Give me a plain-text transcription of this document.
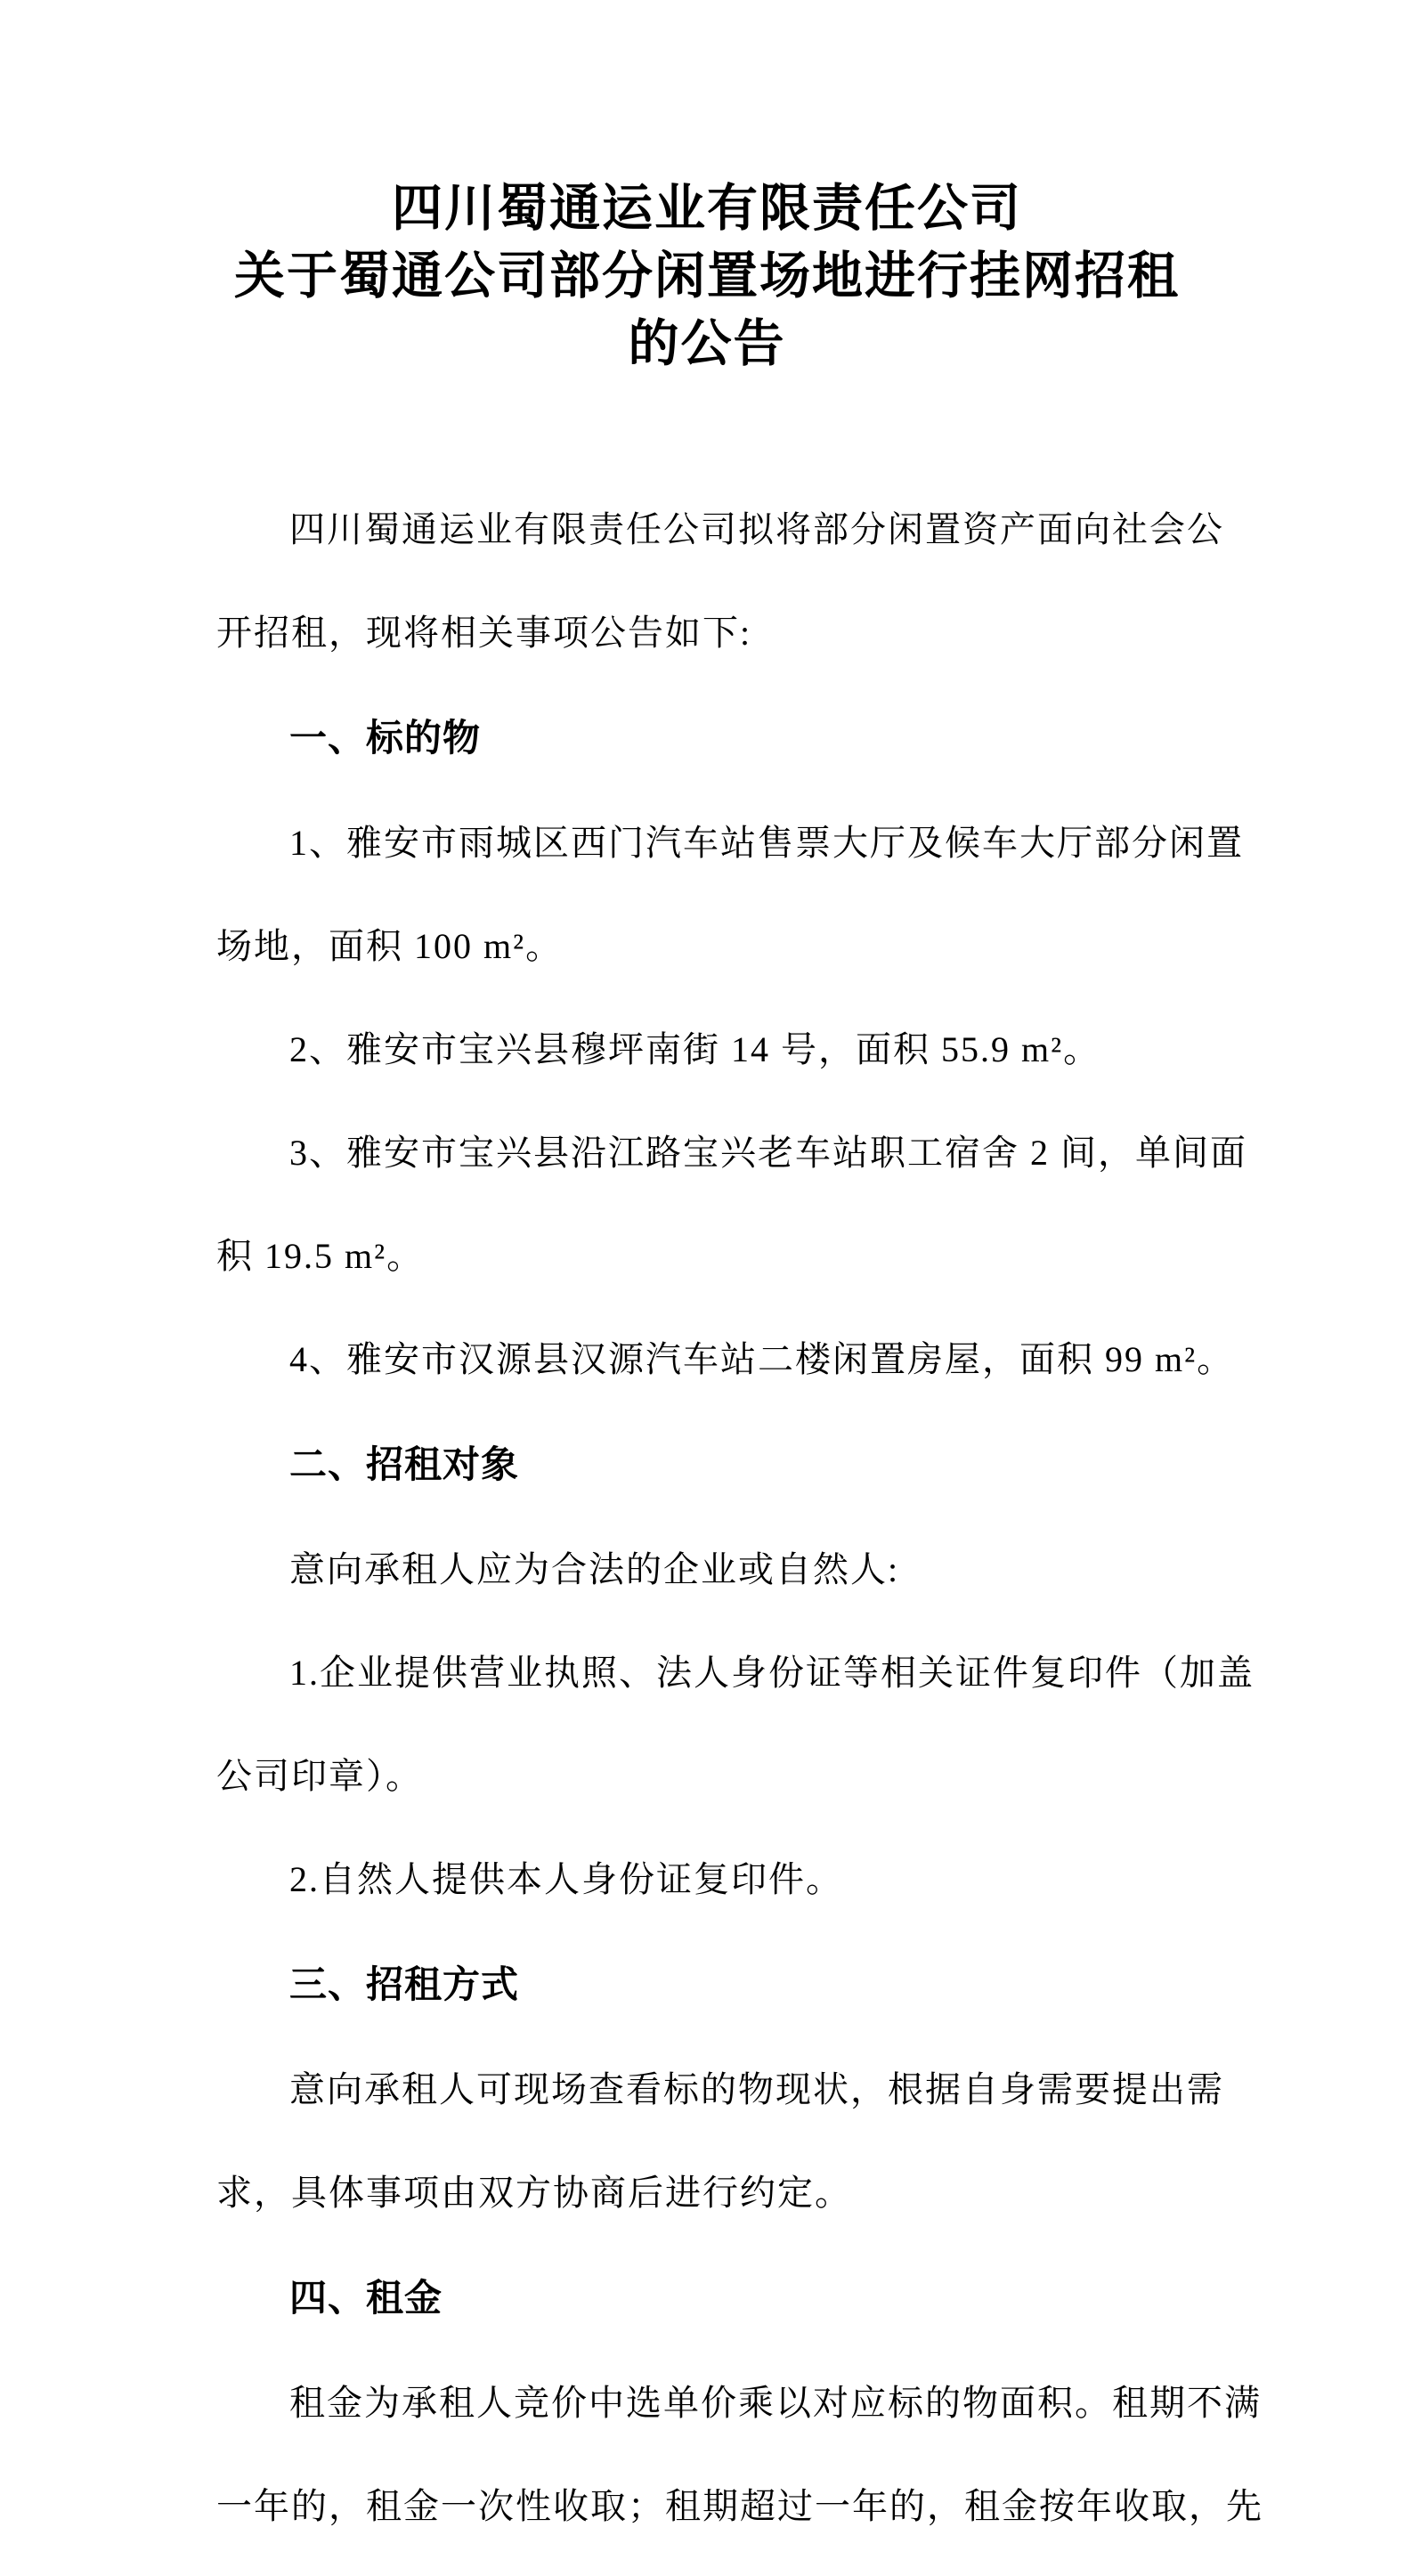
四川蜀通运业有限责任公司
关于蜀通公司部分闲置场地进行挂网招租
的公告

四川蜀通运业有限责任公司拟将部分闲置资产面向社会公

开招租，现将相关事项公告如下:

一、标的物

1、雅安市雨城区西门汽车站售票大厅及候车大厅部分闲置

场地，面积 100 m²。

2、雅安市宝兴县穆坪南街 14 号，面积 55.9 m²。

3、雅安市宝兴县沿江路宝兴老车站职工宿舍 2 间，单间面

积 19.5 m²。

4、雅安市汉源县汉源汽车站二楼闲置房屋，面积 99 m²。

二、招租对象

意向承租人应为合法的企业或自然人:

1.企业提供营业执照、法人身份证等相关证件复印件（加盖

公司印章）。

2.自然人提供本人身份证复印件。

三、招租方式

意向承租人可现场查看标的物现状，根据自身需要提出需

求，具体事项由双方协商后进行约定。

四、租金

租金为承租人竞价中选单价乘以对应标的物面积。租期不满

一年的，租金一次性收取；租期超过一年的，租金按年收取，先
